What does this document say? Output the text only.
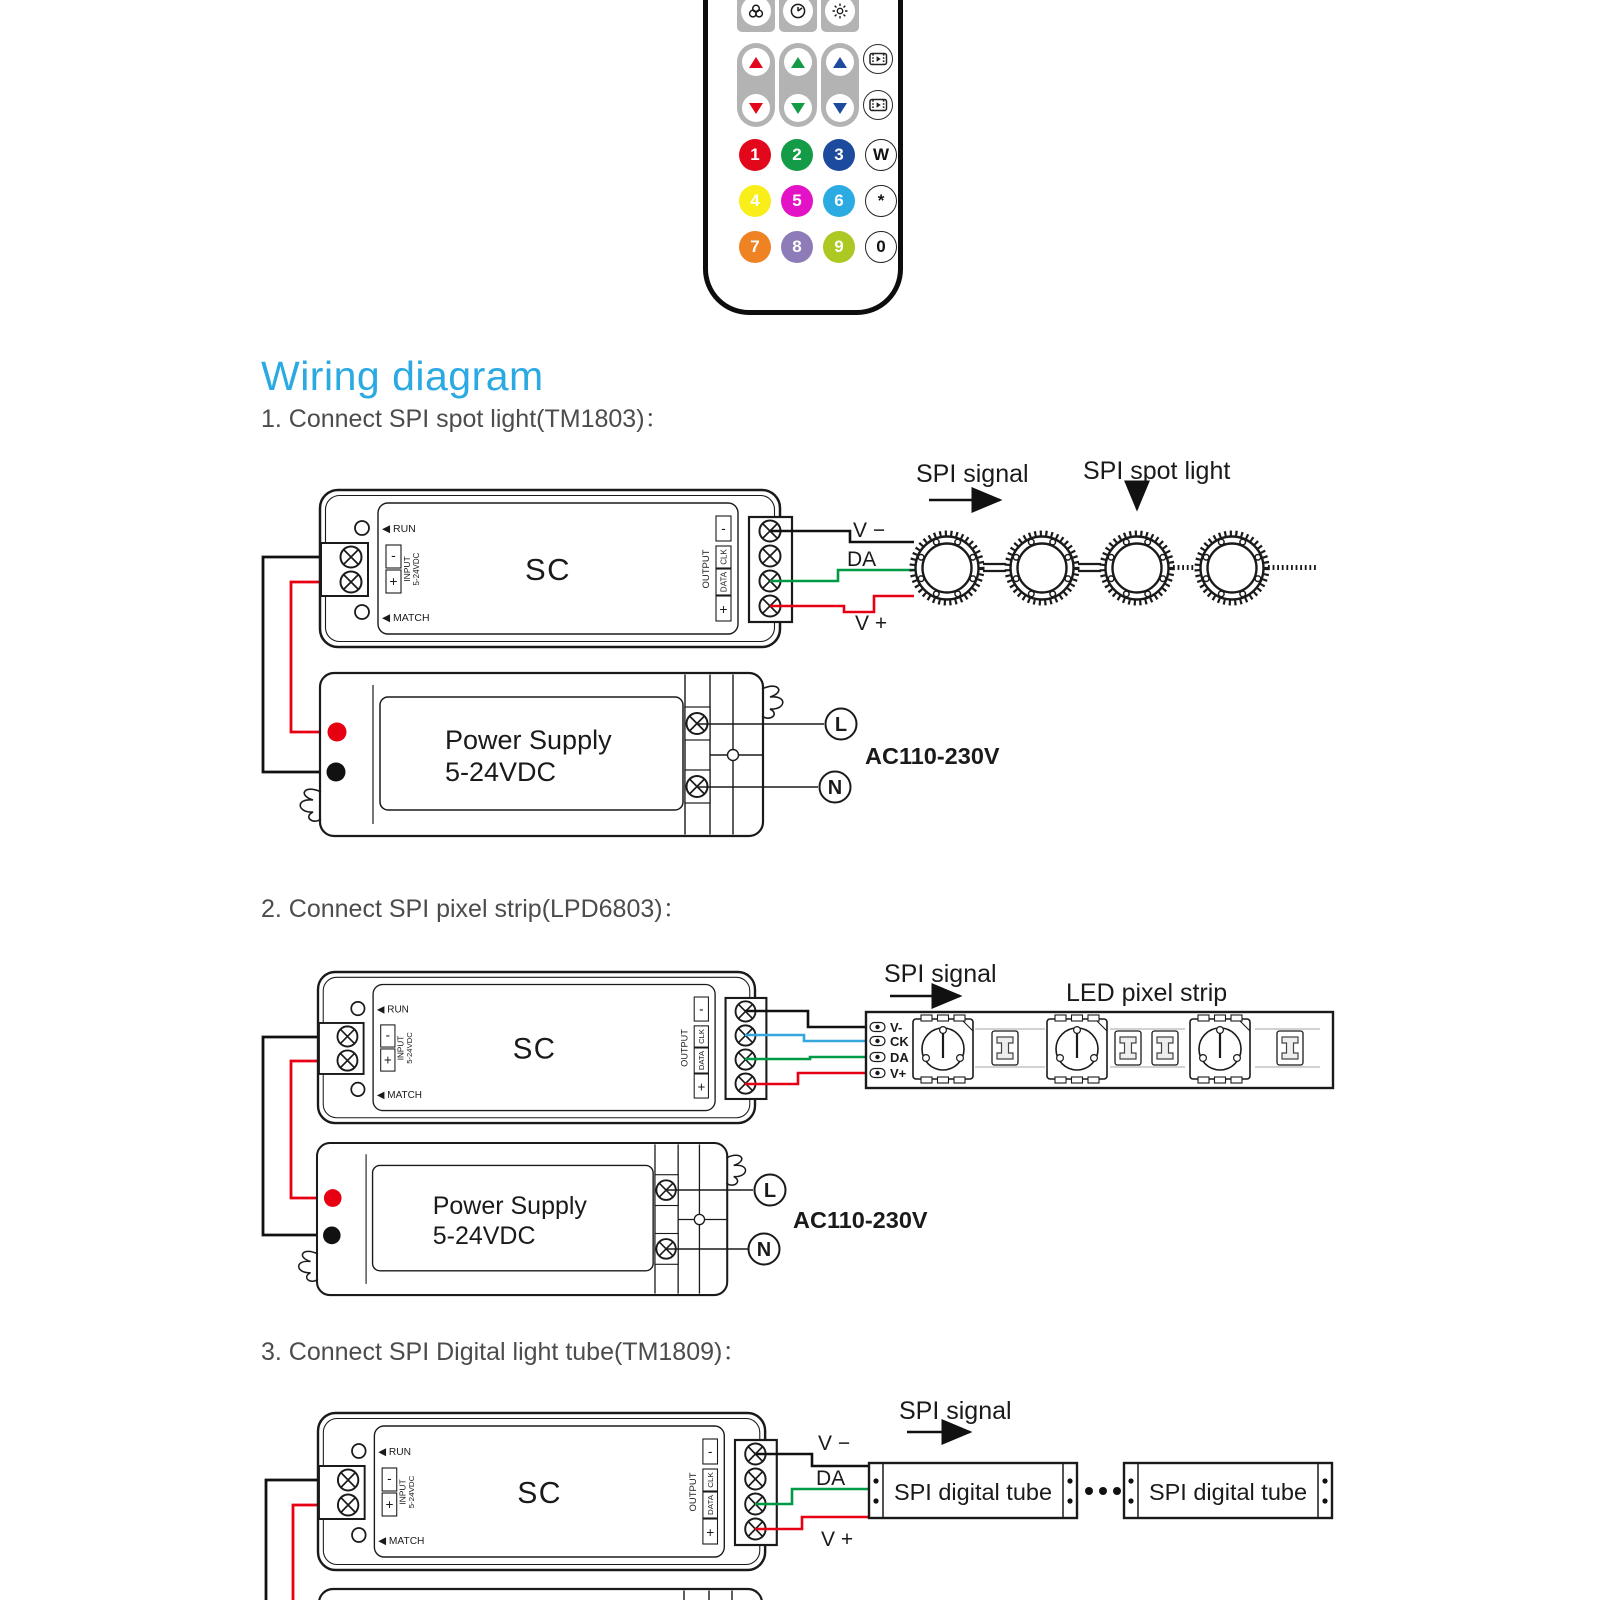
1	2	3	W
4	5	6	*
7	8	9	0
Wiring diagram
1. Connect SPI spot light(TM1803)：
2. Connect SPI pixel strip(LPD6803)：
3. Connect SPI Digital light tube(TM1809)：
V −
DA
V +
SPI signal SPI spot light
L
N
AC110-230V
V-
CK
DA
V+
SPI signal
LED pixel strip
L
N
AC110-230V
V −
DA
V +
SPI signal
